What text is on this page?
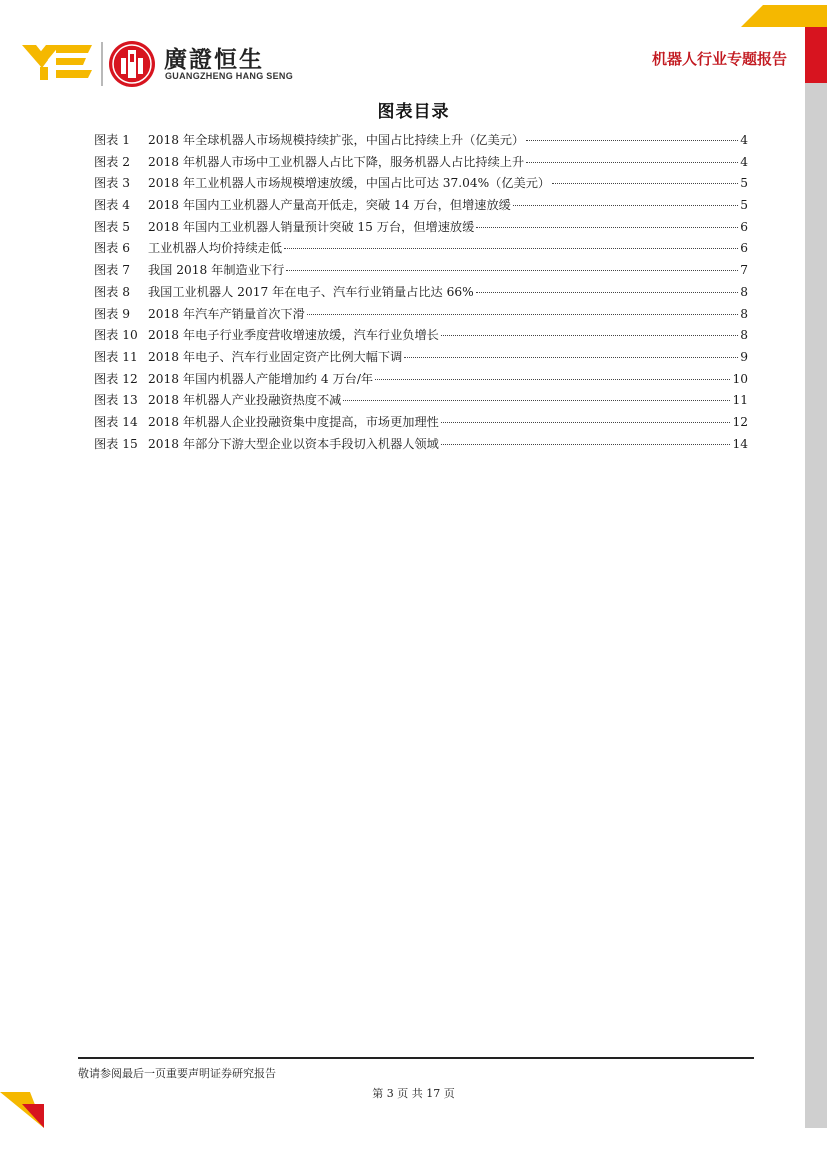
廣證恒生
GUANGZHENG HANG SENG
机器人行业专题报告
图表目录
图表 1	2018 年全球机器人市场规模持续扩张，中国占比持续上升（亿美元）	4
图表 2	2018 年机器人市场中工业机器人占比下降，服务机器人占比持续上升	4
图表 3	2018 年工业机器人市场规模增速放缓，中国占比可达 37.04%（亿美元）	5
图表 4	2018 年国内工业机器人产量高开低走，突破 14 万台，但增速放缓	5
图表 5	2018 年国内工业机器人销量预计突破 15 万台，但增速放缓	6
图表 6	工业机器人均价持续走低	6
图表 7	我国 2018 年制造业下行	7
图表 8	我国工业机器人 2017 年在电子、汽车行业销量占比达 66%	8
图表 9	2018 年汽车产销量首次下滑	8
图表 10 2018 年电子行业季度营收增速放缓，汽车行业负增长	8
图表 11 2018 年电子、汽车行业固定资产比例大幅下调	9
图表 12 2018 年国内机器人产能增加约 4 万台/年	10
图表 13 2018 年机器人产业投融资热度不减	11
图表 14 2018 年机器人企业投融资集中度提高，市场更加理性	12
图表 15 2018 年部分下游大型企业以资本手段切入机器人领域	14
敬请参阅最后一页重要声明证券研究报告
第 3 页 共 17 页
